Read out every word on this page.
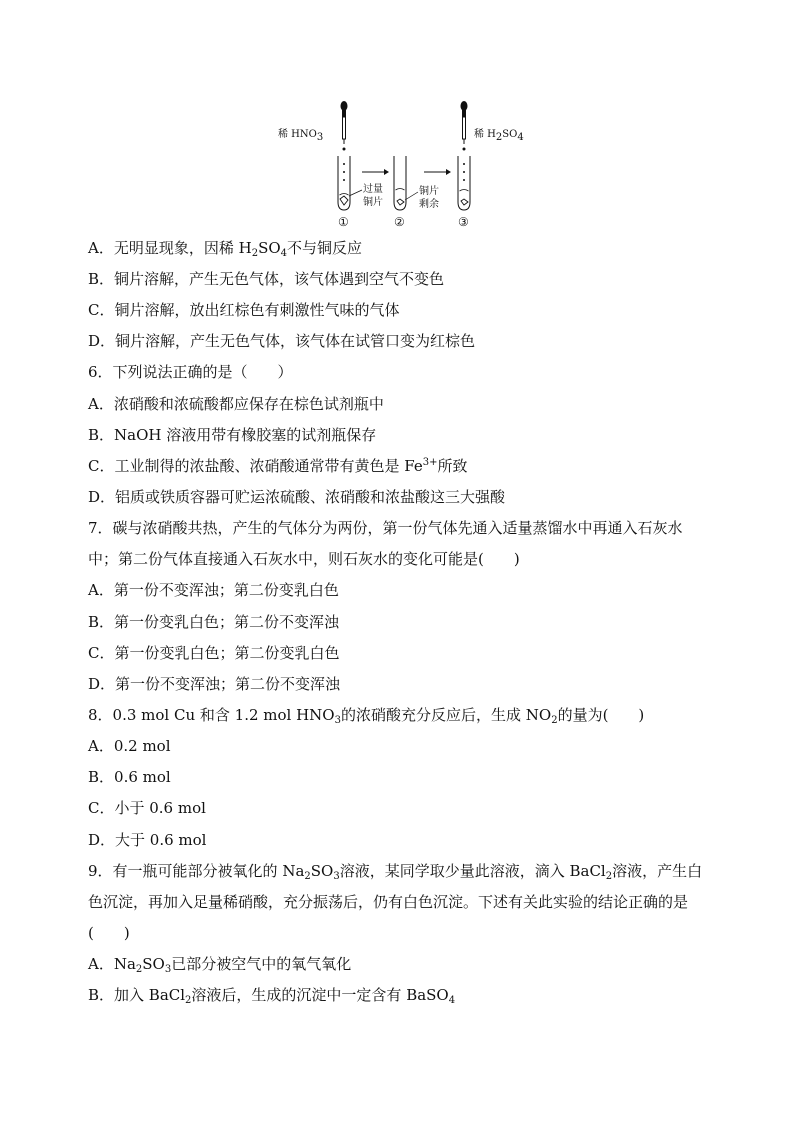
稀 $HNO_3$	稀 $H_2SO_4$
过量
铜片
铜片
剩余
①	②	③
A．无明显现象，因稀 $H_2SO_4$不与铜反应
B．铜片溶解，产生无色气体，该气体遇到空气不变色
C．铜片溶解，放出红棕色有刺激性气味的气体
D．铜片溶解，产生无色气体，该气体在试管口变为红棕色
6．下列说法正确的是（　　）
A．浓硝酸和浓硫酸都应保存在棕色试剂瓶中
B．NaOH 溶液用带有橡胶塞的试剂瓶保存
C．工业制得的浓盐酸、浓硝酸通常带有黄色是 $Fe^{3+}$所致
D．铝质或铁质容器可贮运浓硫酸、浓硝酸和浓盐酸这三大强酸
7．碳与浓硝酸共热，产生的气体分为两份，第一份气体先通入适量蒸馏水中再通入石灰水
中；第二份气体直接通入石灰水中，则石灰水的变化可能是(　　)
A．第一份不变浑浊；第二份变乳白色
B．第一份变乳白色；第二份不变浑浊
C．第一份变乳白色；第二份变乳白色
D．第一份不变浑浊；第二份不变浑浊
8．0.3 mol Cu 和含 1.2 mol $HNO_3$的浓硝酸充分反应后，生成 $NO_2$的量为(　　)
A．0.2 mol
B．0.6 mol
C．小于 0.6 mol
D．大于 0.6 mol
9．有一瓶可能部分被氧化的 $Na_2SO_3$溶液，某同学取少量此溶液，滴入 BaCl$_2$溶液，产生白
色沉淀，再加入足量稀硝酸，充分振荡后，仍有白色沉淀。下述有关此实验的结论正确的是
(　　)
A．$Na_2SO_3$已部分被空气中的氧气氧化
B．加入 BaCl$_2$溶液后，生成的沉淀中一定含有 BaSO$_4$
